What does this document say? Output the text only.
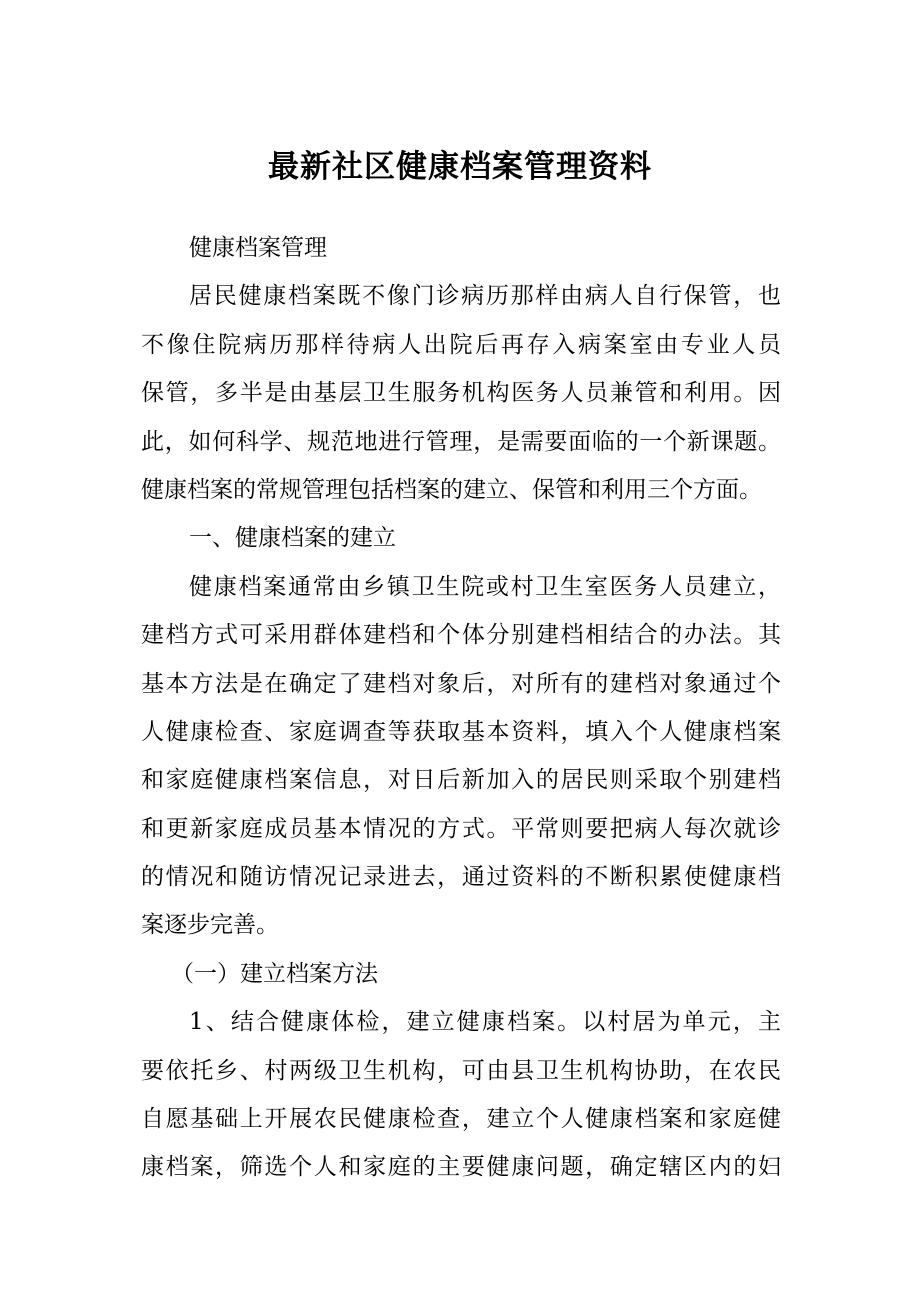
最新社区健康档案管理资料
健康档案管理
居民健康档案既不像门诊病历那样由病人自行保管，也
不像住院病历那样待病人出院后再存入病案室由专业人员
保管，多半是由基层卫生服务机构医务人员兼管和利用。因
此，如何科学、规范地进行管理，是需要面临的一个新课题。
健康档案的常规管理包括档案的建立、保管和利用三个方面。
一、健康档案的建立
健康档案通常由乡镇卫生院或村卫生室医务人员建立，
建档方式可采用群体建档和个体分别建档相结合的办法。其
基本方法是在确定了建档对象后，对所有的建档对象通过个
人健康检查、家庭调查等获取基本资料，填入个人健康档案
和家庭健康档案信息，对日后新加入的居民则采取个别建档
和更新家庭成员基本情况的方式。平常则要把病人每次就诊
的情况和随访情况记录进去，通过资料的不断积累使健康档
案逐步完善。
（一）建立档案方法
1、结合健康体检，建立健康档案。以村居为单元，主
要依托乡、村两级卫生机构，可由县卫生机构协助，在农民
自愿基础上开展农民健康检查，建立个人健康档案和家庭健
康档案，筛选个人和家庭的主要健康问题，确定辖区内的妇
